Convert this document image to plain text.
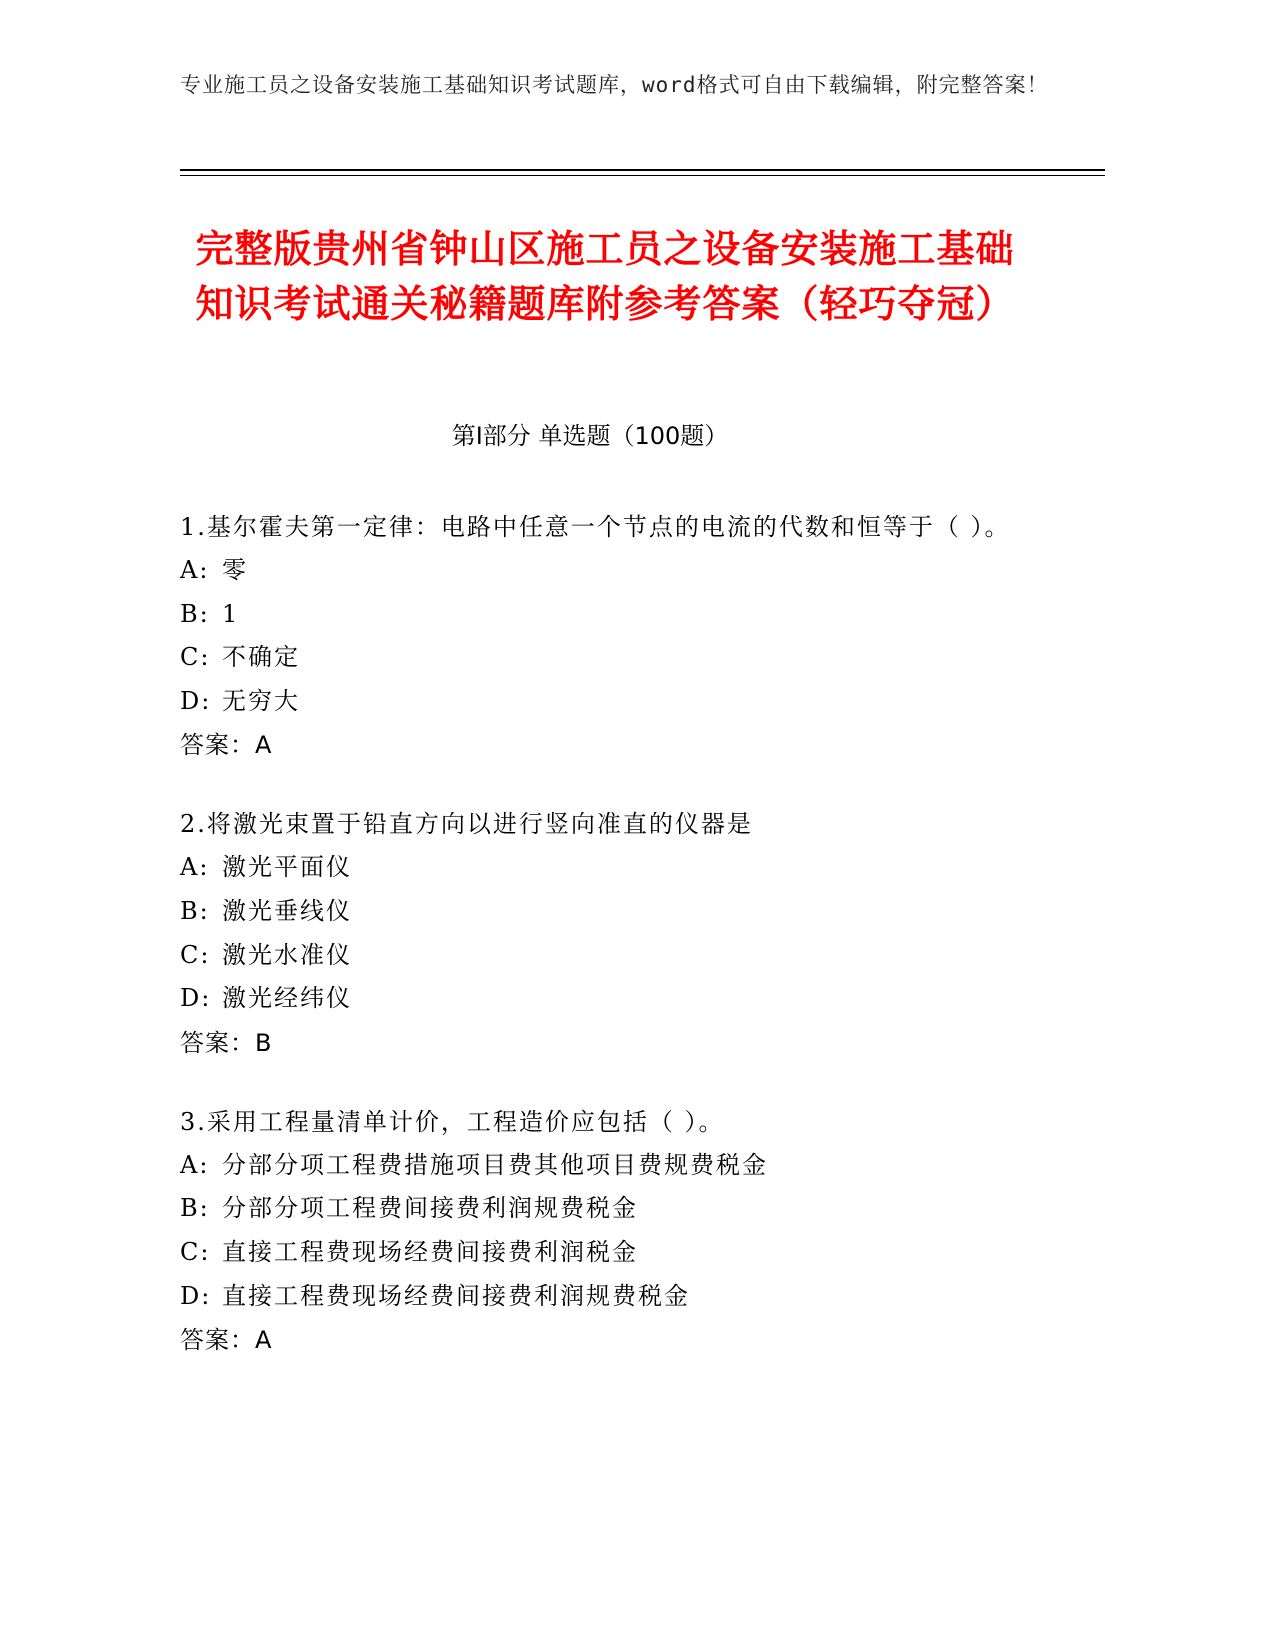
专业施工员之设备安装施工基础知识考试题库，word格式可自由下载编辑，附完整答案！
完整版贵州省钟山区施工员之设备安装施工基础知识考试通关秘籍题库附参考答案（轻巧夺冠）
第Ⅰ部分 单选题（100题）
1.基尔霍夫第一定律：电路中任意一个节点的电流的代数和恒等于（ ）。
A: 零
B: 1
C: 不确定
D: 无穷大
答案：A
2.将激光束置于铅直方向以进行竖向准直的仪器是
A: 激光平面仪
B: 激光垂线仪
C: 激光水准仪
D: 激光经纬仪
答案：B
3.采用工程量清单计价，工程造价应包括（ ）。
A: 分部分项工程费措施项目费其他项目费规费税金
B: 分部分项工程费间接费利润规费税金
C: 直接工程费现场经费间接费利润税金
D: 直接工程费现场经费间接费利润规费税金
答案：A
